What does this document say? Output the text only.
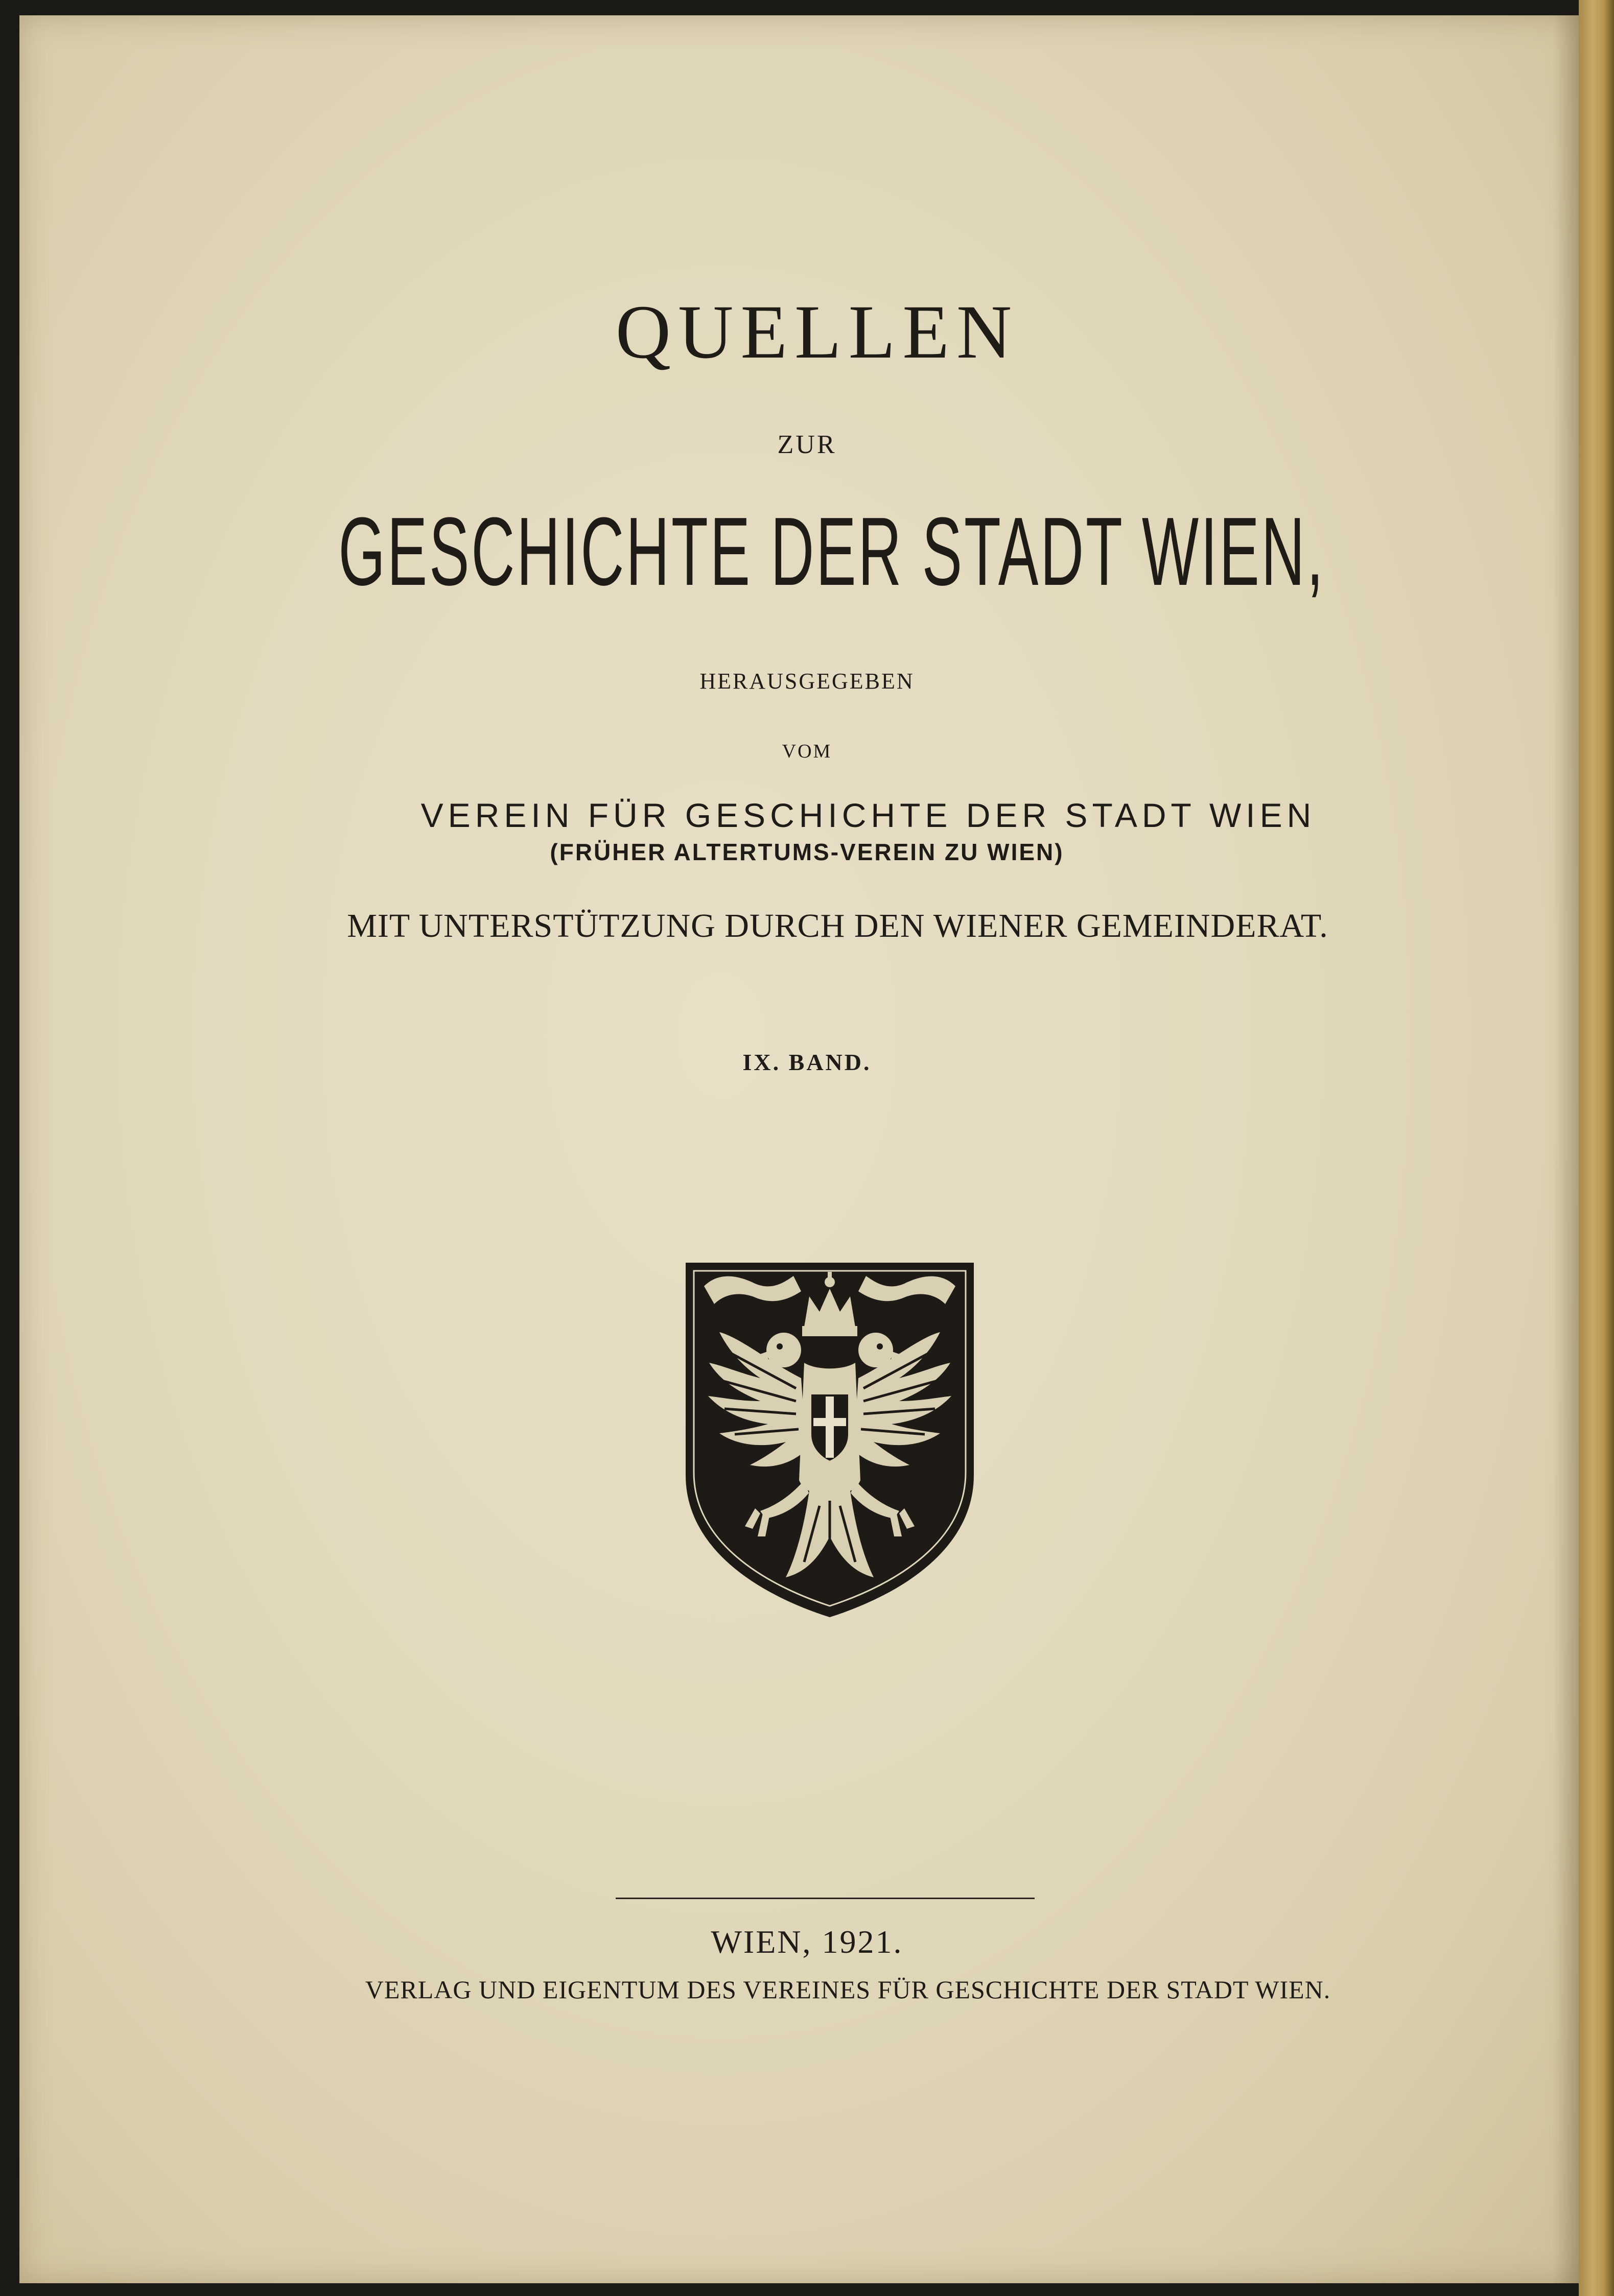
QUELLEN
ZUR
GESCHICHTE DER STADT WIEN,
HERAUSGEGEBEN
VOM
VEREIN FÜR GESCHICHTE DER STADT WIEN
(FRÜHER ALTERTUMS-VEREIN ZU WIEN)
MIT UNTERSTÜTZUNG DURCH DEN WIENER GEMEINDERAT.
IX. BAND.
WIEN, 1921.
VERLAG UND EIGENTUM DES VEREINES FÜR GESCHICHTE DER STADT WIEN.
